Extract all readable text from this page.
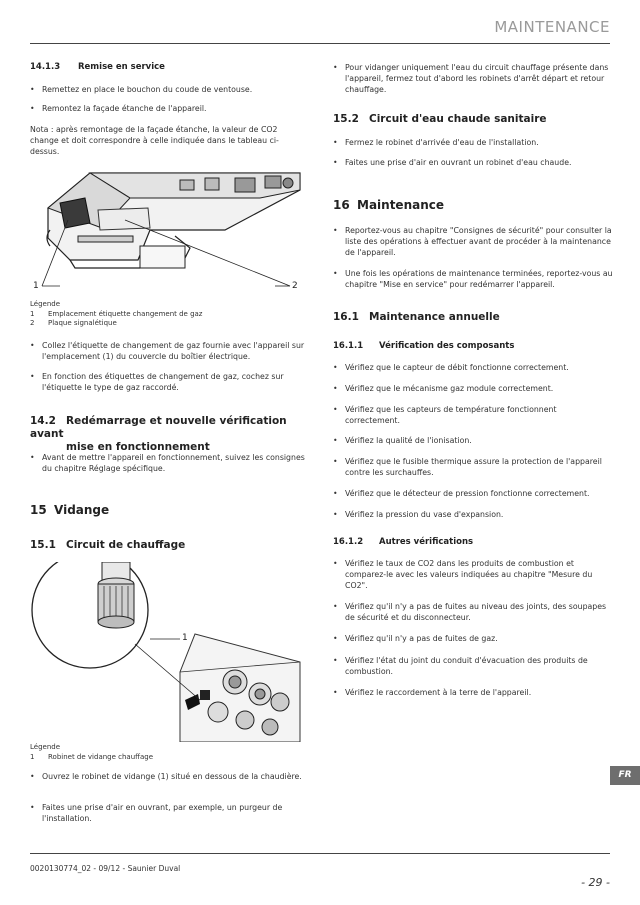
MAINTENANCE
14.1.3 Remise en service
• Remettez en place le bouchon du coude de ventouse.
• Remontez la façade étanche de l'appareil.
Nota : après remontage de la façade étanche, la valeur de CO2 change et doit correspondre à celle indiquée dans le tableau ci-dessus.
1	2
Légende
1	Emplacement étiquette changement de gaz
2	Plaque signalétique
• Collez l'étiquette de changement de gaz fournie avec l'appareil sur l'emplacement (1) du couvercle du boîtier électrique.
• En fonction des étiquettes de changement de gaz, cochez sur l'étiquette le type de gaz raccordé.
14.2 Redémarrage et nouvelle vérification avant
mise en fonctionnement
• Avant de mettre l'appareil en fonctionnement, suivez les consignes du chapitre Réglage spécifique.
15 Vidange
15.1 Circuit de chauffage
1
Légende
1	Robinet de vidange chauffage
• Ouvrez le robinet de vidange (1) situé en dessous de la chaudière.
• Faites une prise d'air en ouvrant, par exemple, un purgeur de l'installation.
• Pour vidanger uniquement l'eau du circuit chauffage présente dans l'appareil, fermez tout d'abord les robinets d'arrêt départ et retour chauffage.
15.2 Circuit d'eau chaude sanitaire
• Fermez le robinet d'arrivée d'eau de l'installation.
• Faites une prise d'air en ouvrant un robinet d'eau chaude.
16 Maintenance
• Reportez-vous au chapitre "Consignes de sécurité" pour consulter la liste des opérations à effectuer avant de procéder à la maintenance de l'appareil.
• Une fois les opérations de maintenance terminées, reportez-vous au chapitre "Mise en service" pour redémarrer l'appareil.
16.1 Maintenance annuelle
16.1.1 Vérification des composants
• Vérifiez que le capteur de débit fonctionne correctement.
• Vérifiez que le mécanisme gaz module correctement.
• Vérifiez que les capteurs de température fonctionnent correctement.
• Vérifiez la qualité de l'ionisation.
• Vérifiez que le fusible thermique assure la protection de l'appareil contre les surchauffes.
• Vérifiez que le détecteur de pression fonctionne correctement.
• Vérifiez la pression du vase d'expansion.
16.1.2 Autres vérifications
• Vérifiez le taux de CO2 dans les produits de combustion et comparez-le avec les valeurs indiquées au chapitre "Mesure du CO2".
• Vérifiez qu'il n'y a pas de fuites au niveau des joints, des soupapes de sécurité et du disconnecteur.
• Vérifiez qu'il n'y a pas de fuites de gaz.
• Vérifiez l'état du joint du conduit d'évacuation des produits de combustion.
• Vérifiez le raccordement à la terre de l'appareil.
FR
0020130774_02 - 09/12 - Saunier Duval
- 29 -
